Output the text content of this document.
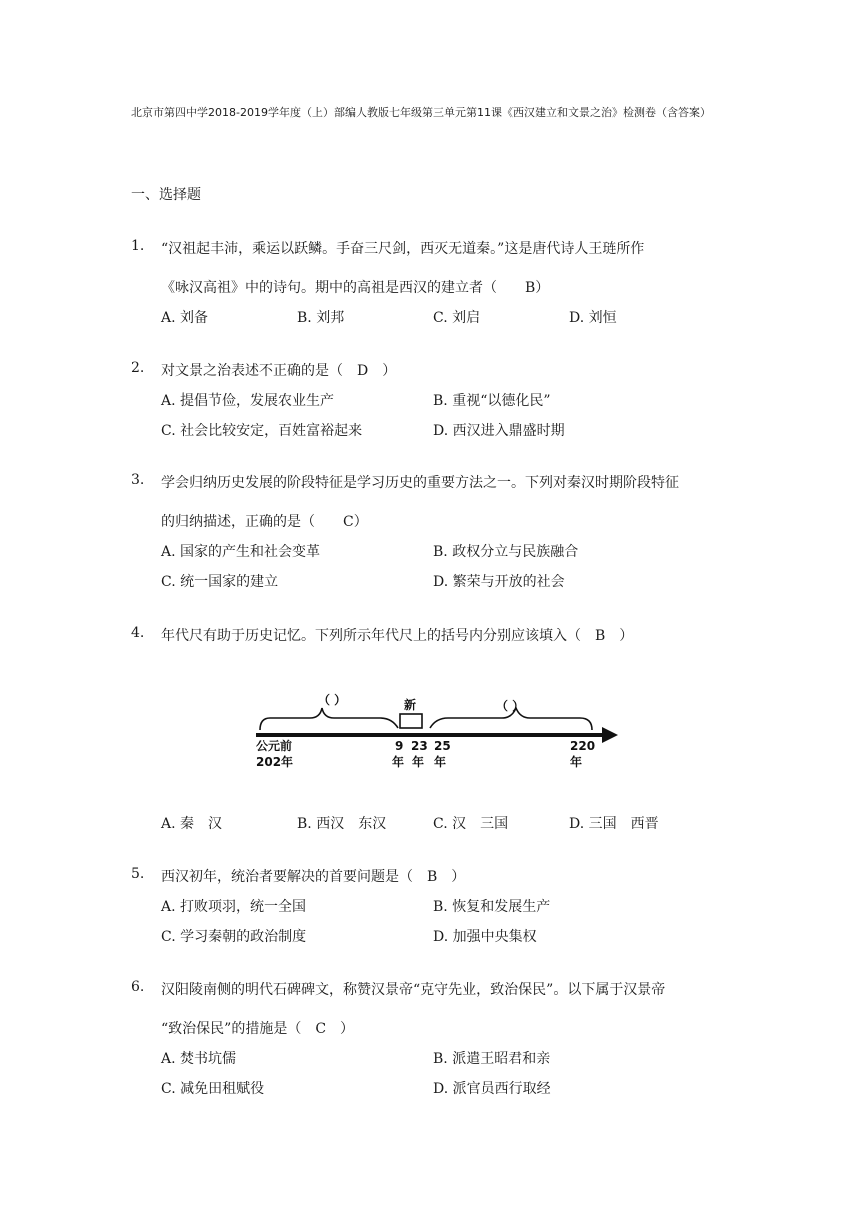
北京市第四中学2018-2019学年度（上）部编人教版七年级第三单元第11课《西汉建立和文景之治》检测卷（含答案）
一、选择题
1. “汉祖起丰沛，乘运以跃鳞。手奋三尺剑，西灭无道秦。”这是唐代诗人王琏所作
《咏汉高祖》中的诗句。期中的高祖是西汉的建立者（　　B）
A. 刘备	B. 刘邦	C. 刘启	D. 刘恒
2. 对文景之治表述不正确的是（　D　）
A. 提倡节俭，发展农业生产	B. 重视“以德化民”
C. 社会比较安定，百姓富裕起来	D. 西汉进入鼎盛时期
3. 学会归纳历史发展的阶段特征是学习历史的重要方法之一。下列对秦汉时期阶段特征
的归纳描述，正确的是（　　C）
A. 国家的产生和社会变革	B. 政权分立与民族融合
C. 统一国家的建立	D. 繁荣与开放的社会
4. 年代尺有助于历史记忆。下列所示年代尺上的括号内分别应该填入（　B　）
（ ）	新	（ ）
公元前
202年
9
年
23
年
25
年
220
年
A. 秦　汉	B. 西汉　东汉	C. 汉　三国	D. 三国　西晋
5. 西汉初年，统治者要解决的首要问题是（　B　）
A. 打败项羽，统一全国	B. 恢复和发展生产
C. 学习秦朝的政治制度	D. 加强中央集权
6. 汉阳陵南侧的明代石碑碑文，称赞汉景帝“克守先业，致治保民”。以下属于汉景帝
“致治保民”的措施是（　C　）
A. 焚书坑儒	B. 派遣王昭君和亲
C. 减免田租赋役	D. 派官员西行取经
